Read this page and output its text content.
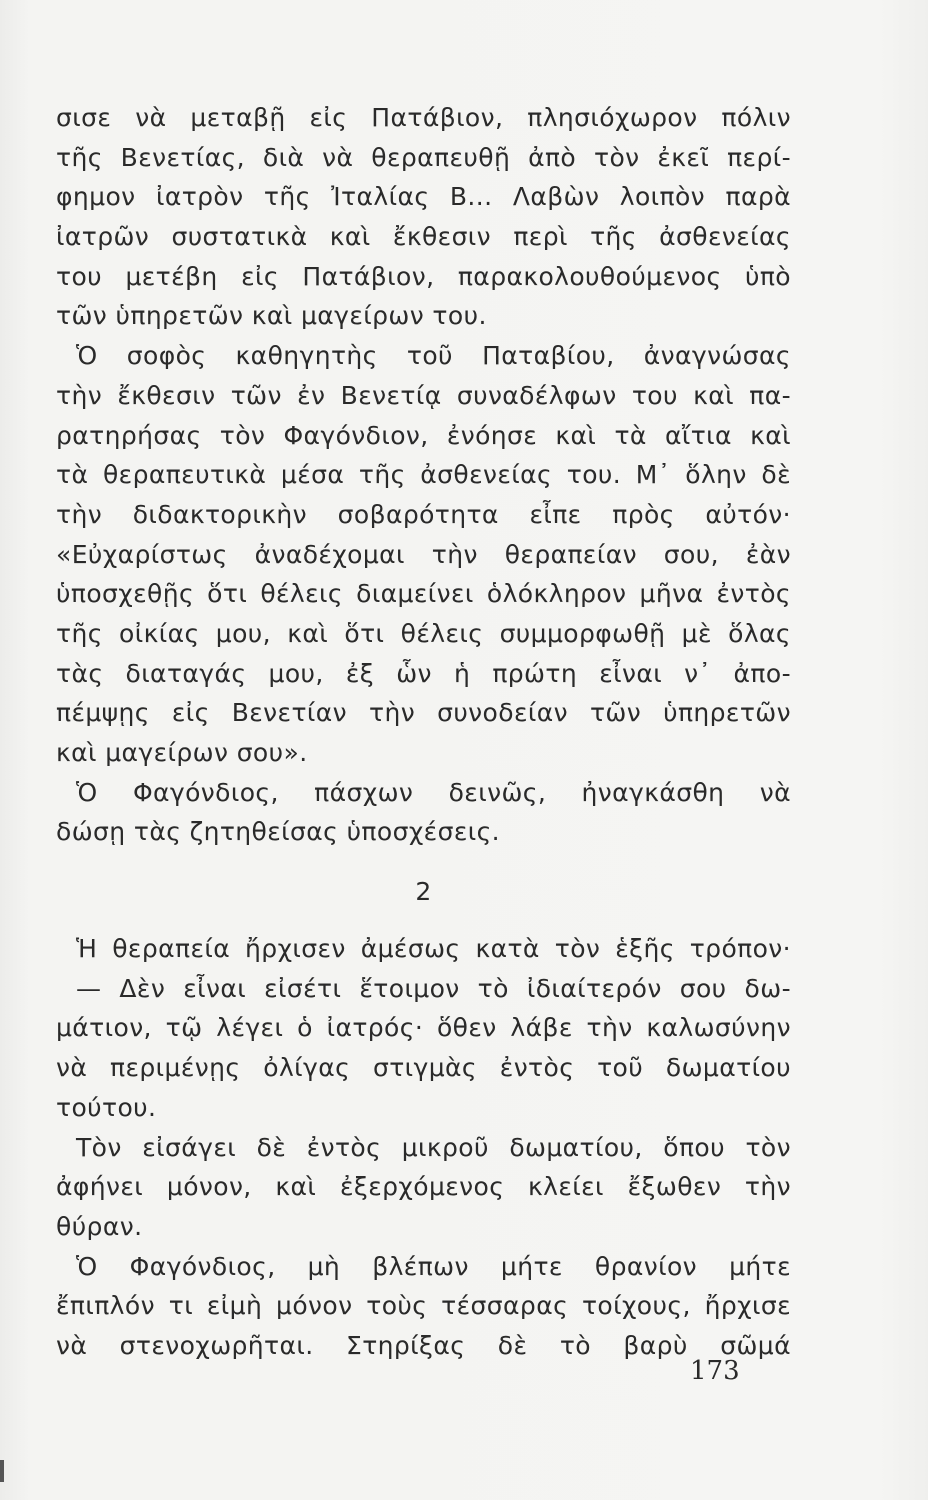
σισε νὰ μεταβῇ εἰς Πατάβιον, πλησιόχωρον πόλιν
τῆς Βενετίας, διὰ νὰ θεραπευθῇ ἀπὸ τὸν ἐκεῖ περί-
φημον ἰατρὸν τῆς Ἰταλίας Β... Λαβὼν λοιπὸν παρὰ
ἰατρῶν συστατικὰ καὶ ἔκθεσιν περὶ τῆς ἀσθενείας
του μετέβη εἰς Πατάβιον, παρακολουθούμενος ὑπὸ
τῶν ὑπηρετῶν καὶ μαγείρων του.
Ὁ σοφὸς καθηγητὴς τοῦ Παταβίου, ἀναγνώσας
τὴν ἔκθεσιν τῶν ἐν Βενετίᾳ συναδέλφων του καὶ πα-
ρατηρήσας τὸν Φαγόνδιον, ἐνόησε καὶ τὰ αἴτια καὶ
τὰ θεραπευτικὰ μέσα τῆς ἀσθενείας του. Μ᾽ ὅλην δὲ
τὴν διδακτορικὴν σοβαρότητα εἶπε πρὸς αὐτόν·
«Εὐχαρίστως ἀναδέχομαι τὴν θεραπείαν σου, ἐὰν
ὑποσχεθῇς ὅτι θέλεις διαμείνει ὁλόκληρον μῆνα ἐντὸς
τῆς οἰκίας μου, καὶ ὅτι θέλεις συμμορφωθῇ μὲ ὅλας
τὰς διαταγάς μου, ἐξ ὧν ἡ πρώτη εἶναι ν᾽ ἀπο-
πέμψῃς εἰς Βενετίαν τὴν συνοδείαν τῶν ὑπηρετῶν
καὶ μαγείρων σου».
Ὁ Φαγόνδιος, πάσχων δεινῶς, ἠναγκάσθη νὰ
δώσῃ τὰς ζητηθείσας ὑποσχέσεις.
2
Ἡ θεραπεία ἤρχισεν ἀμέσως κατὰ τὸν ἑξῆς τρόπον·
— Δὲν εἶναι εἰσέτι ἕτοιμον τὸ ἰδιαίτερόν σου δω-
μάτιον, τῷ λέγει ὁ ἰατρός· ὅθεν λάβε τὴν καλωσύνην
νὰ περιμένῃς ὀλίγας στιγμὰς ἐντὸς τοῦ δωματίου
τούτου.
Τὸν εἰσάγει δὲ ἐντὸς μικροῦ δωματίου, ὅπου τὸν
ἀφήνει μόνον, καὶ ἐξερχόμενος κλείει ἔξωθεν τὴν
θύραν.
Ὁ Φαγόνδιος, μὴ βλέπων μήτε θρανίον μήτε
ἔπιπλόν τι εἰμὴ μόνον τοὺς τέσσαρας τοίχους, ἤρχισε
νὰ στενοχωρῆται. Στηρίξας δὲ τὸ βαρὺ σῶμά
173
